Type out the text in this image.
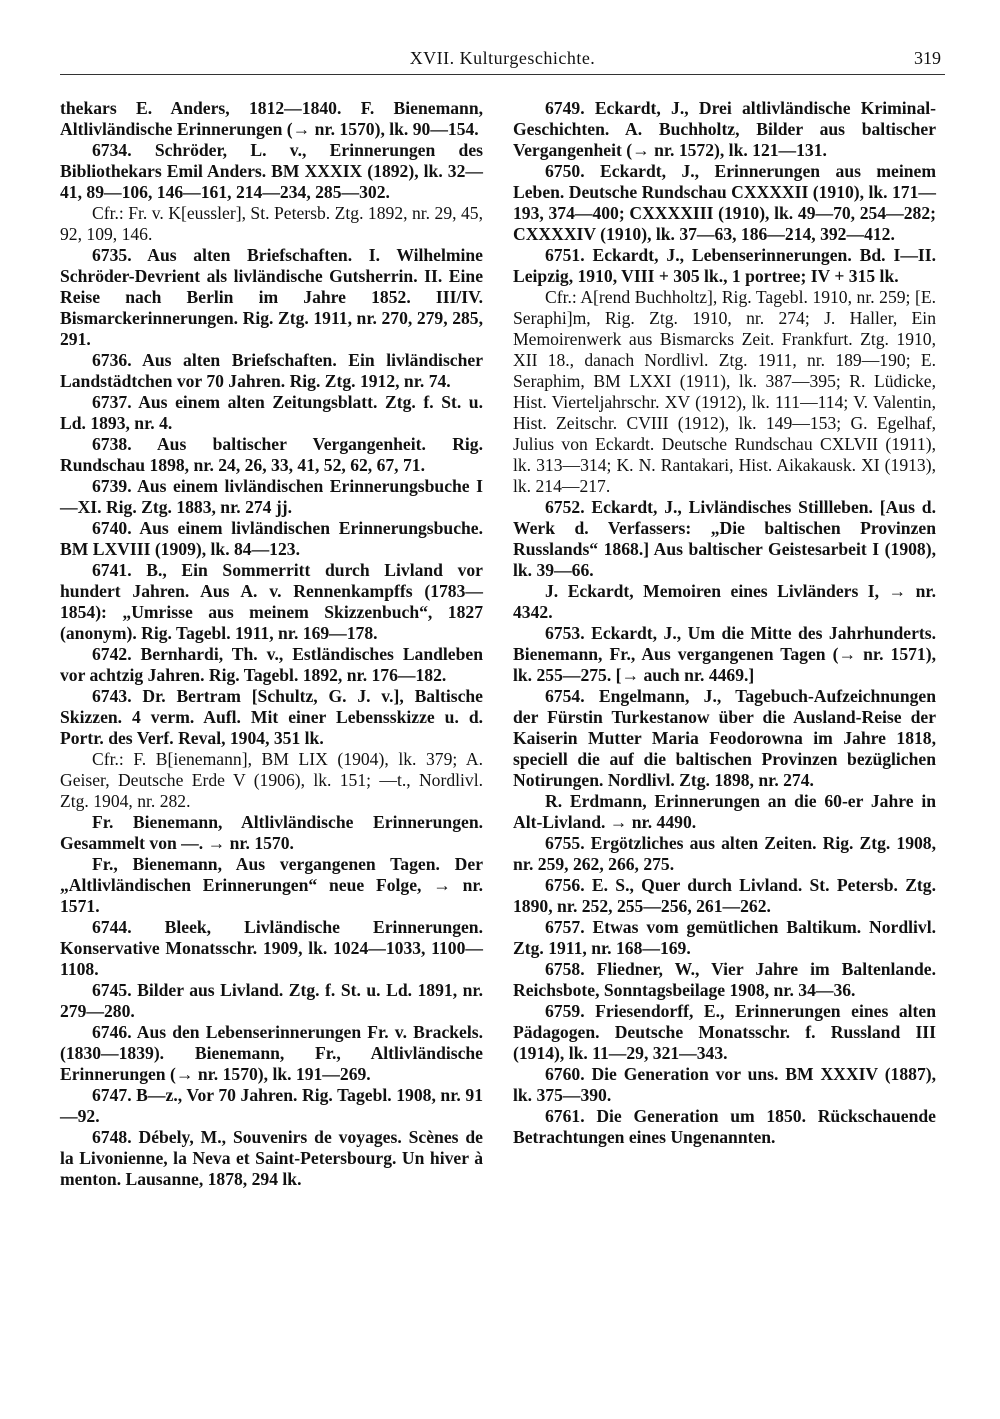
XVII. Kulturgeschichte.	319

thekars E. Anders, 1812—1840. F. Bienemann, Altlivländische Erinnerungen (→ nr. 1570), lk. 90—154.

6734. Schröder, L. v., Erinnerungen des Bibliothekars Emil Anders. BM XXXIX (1892), lk. 32—41, 89—106, 146—161, 214—234, 285—302.

Cfr.: Fr. v. K[eussler], St. Petersb. Ztg. 1892, nr. 29, 45, 92, 109, 146.

6735. Aus alten Briefschaften. I. Wilhelmine Schröder-Devrient als livländische Gutsherrin. II. Eine Reise nach Berlin im Jahre 1852. III/IV. Bismarckerinnerungen. Rig. Ztg. 1911, nr. 270, 279, 285, 291.

6736. Aus alten Briefschaften. Ein livländischer Landstädtchen vor 70 Jahren. Rig. Ztg. 1912, nr. 74.

6737. Aus einem alten Zeitungsblatt. Ztg. f. St. u. Ld. 1893, nr. 4.

6738. Aus baltischer Vergangenheit. Rig. Rundschau 1898, nr. 24, 26, 33, 41, 52, 62, 67, 71.

6739. Aus einem livländischen Erinnerungsbuche I—XI. Rig. Ztg. 1883, nr. 274 jj.

6740. Aus einem livländischen Erinnerungsbuche. BM LXVIII (1909), lk. 84—123.

6741. B., Ein Sommerritt durch Livland vor hundert Jahren. Aus A. v. Rennenkampffs (1783—1854): „Umrisse aus meinem Skizzenbuch“, 1827 (anonym). Rig. Tagebl. 1911, nr. 169—178.

6742. Bernhardi, Th. v., Estländisches Landleben vor achtzig Jahren. Rig. Tagebl. 1892, nr. 176—182.

6743. Dr. Bertram [Schultz, G. J. v.], Baltische Skizzen. 4 verm. Aufl. Mit einer Lebensskizze u. d. Portr. des Verf. Reval, 1904, 351 lk.

Cfr.: F. B[ienemann], BM LIX (1904), lk. 379; A. Geiser, Deutsche Erde V (1906), lk. 151; —t., Nordlivl. Ztg. 1904, nr. 282.

Fr. Bienemann, Altlivländische Erinnerungen. Gesammelt von —. → nr. 1570.

Fr., Bienemann, Aus vergangenen Tagen. Der „Altlivländischen Erinnerungen“ neue Folge, → nr. 1571.

6744. Bleek, Livländische Erinnerungen. Konservative Monatsschr. 1909, lk. 1024—1033, 1100—1108.

6745. Bilder aus Livland. Ztg. f. St. u. Ld. 1891, nr. 279—280.

6746. Aus den Lebenserinnerungen Fr. v. Brackels. (1830—1839). Bienemann, Fr., Altlivländische Erinnerungen (→ nr. 1570), lk. 191—269.

6747. B—z., Vor 70 Jahren. Rig. Tagebl. 1908, nr. 91—92.

6748. Débely, M., Souvenirs de voyages. Scènes de la Livonienne, la Neva et Saint-Petersbourg. Un hiver à menton. Lausanne, 1878, 294 lk.

6749. Eckardt, J., Drei altlivländische Kriminal-Geschichten. A. Buchholtz, Bilder aus baltischer Vergangenheit (→ nr. 1572), lk. 121—131.

6750. Eckardt, J., Erinnerungen aus meinem Leben. Deutsche Rundschau CXXXXII (1910), lk. 171—193, 374—400; CXXXXIII (1910), lk. 49—70, 254—282; CXXXXIV (1910), lk. 37—63, 186—214, 392—412.

6751. Eckardt, J., Lebenserinnerungen. Bd. I—II. Leipzig, 1910, VIII + 305 lk., 1 portree; IV + 315 lk.

Cfr.: A[rend Buchholtz], Rig. Tagebl. 1910, nr. 259; [E. Seraphi]m, Rig. Ztg. 1910, nr. 274; J. Haller, Ein Memoirenwerk aus Bismarcks Zeit. Frankfurt. Ztg. 1910, XII 18., danach Nordlivl. Ztg. 1911, nr. 189—190; E. Seraphim, BM LXXI (1911), lk. 387—395; R. Lüdicke, Hist. Vierteljahrschr. XV (1912), lk. 111—114; V. Valentin, Hist. Zeitschr. CVIII (1912), lk. 149—153; G. Egelhaf, Julius von Eckardt. Deutsche Rundschau CXLVII (1911), lk. 313—314; K. N. Rantakari, Hist. Aikakausk. XI (1913), lk. 214—217.

6752. Eckardt, J., Livländisches Stillleben. [Aus d. Werk d. Verfassers: „Die baltischen Provinzen Russlands“ 1868.] Aus baltischer Geistesarbeit I (1908), lk. 39—66.

J. Eckardt, Memoiren eines Livländers I, → nr. 4342.

6753. Eckardt, J., Um die Mitte des Jahrhunderts. Bienemann, Fr., Aus vergangenen Tagen (→ nr. 1571), lk. 255—275. [→ auch nr. 4469.]

6754. Engelmann, J., Tagebuch-Aufzeichnungen der Fürstin Turkestanow über die Ausland-Reise der Kaiserin Mutter Maria Feodorowna im Jahre 1818, speciell die auf die baltischen Provinzen bezüglichen Notirungen. Nordlivl. Ztg. 1898, nr. 274.

R. Erdmann, Erinnerungen an die 60-er Jahre in Alt-Livland. → nr. 4490.

6755. Ergötzliches aus alten Zeiten. Rig. Ztg. 1908, nr. 259, 262, 266, 275.

6756. E. S., Quer durch Livland. St. Petersb. Ztg. 1890, nr. 252, 255—256, 261—262.

6757. Etwas vom gemütlichen Baltikum. Nordlivl. Ztg. 1911, nr. 168—169.

6758. Fliedner, W., Vier Jahre im Baltenlande. Reichsbote, Sonntagsbeilage 1908, nr. 34—36.

6759. Friesendorff, E., Erinnerungen eines alten Pädagogen. Deutsche Monatsschr. f. Russland III (1914), lk. 11—29, 321—343.

6760. Die Generation vor uns. BM XXXIV (1887), lk. 375—390.

6761. Die Generation um 1850. Rückschauende Betrachtungen eines Ungenannten.
